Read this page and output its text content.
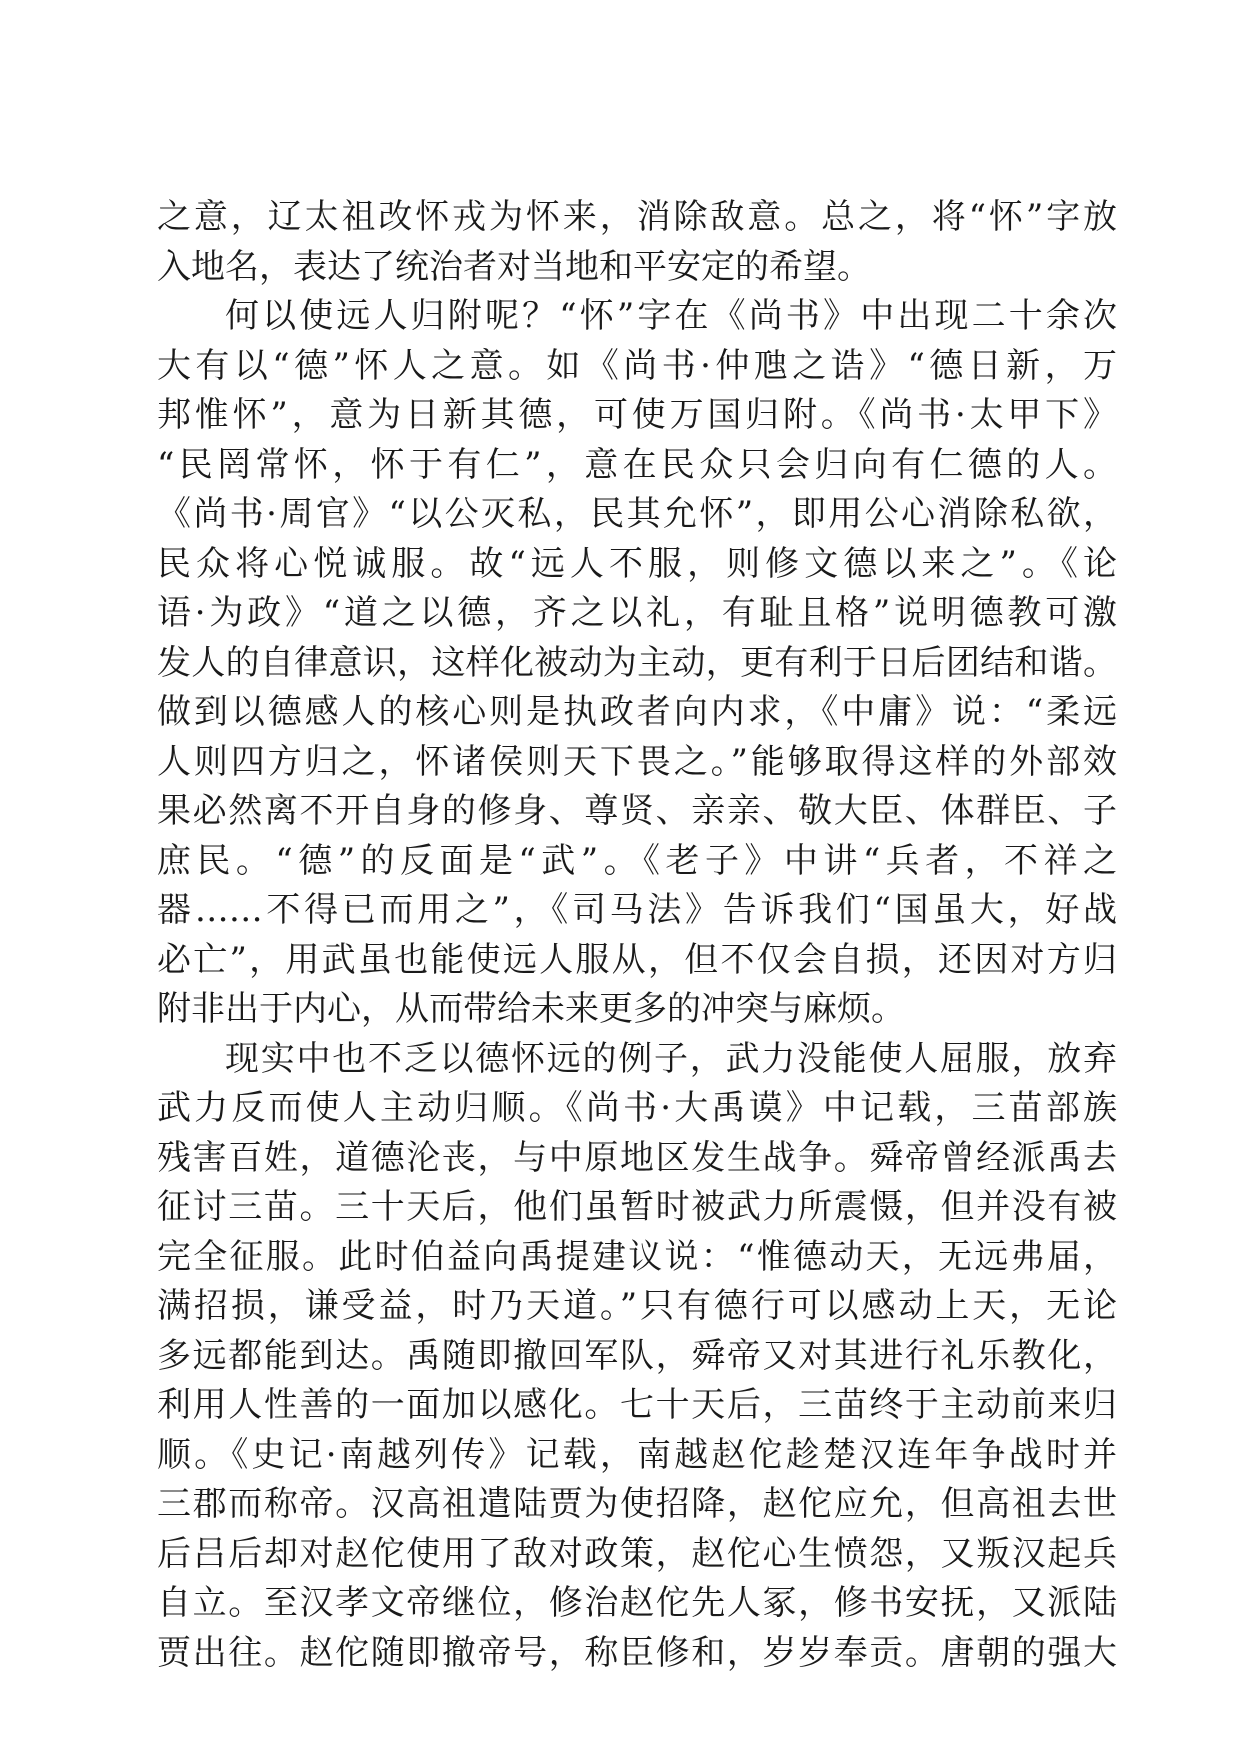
之意，辽太祖改怀戎为怀来，消除敌意。总之，将“怀”字放
入地名，表达了统治者对当地和平安定的希望。
何以使远人归附呢？“怀”字在《尚书》中出现二十余次
大有以“德”怀人之意。如《尚书·仲虺之诰》“德日新，万
邦惟怀”，意为日新其德，可使万国归附。《尚书·太甲下》
“民罔常怀，怀于有仁”，意在民众只会归向有仁德的人。
《尚书·周官》“以公灭私，民其允怀”，即用公心消除私欲，
民众将心悦诚服。故“远人不服，则修文德以来之”。《论
语·为政》“道之以德，齐之以礼，有耻且格”说明德教可激
发人的自律意识，这样化被动为主动，更有利于日后团结和谐。
做到以德感人的核心则是执政者向内求，《中庸》说：“柔远
人则四方归之，怀诸侯则天下畏之。”能够取得这样的外部效
果必然离不开自身的修身、尊贤、亲亲、敬大臣、体群臣、子
庶民。“德”的反面是“武”。《老子》中讲“兵者，不祥之
器……不得已而用之”，《司马法》告诉我们“国虽大，好战
必亡”，用武虽也能使远人服从，但不仅会自损，还因对方归
附非出于内心，从而带给未来更多的冲突与麻烦。
现实中也不乏以德怀远的例子，武力没能使人屈服，放弃
武力反而使人主动归顺。《尚书·大禹谟》中记载，三苗部族
残害百姓，道德沦丧，与中原地区发生战争。舜帝曾经派禹去
征讨三苗。三十天后，他们虽暂时被武力所震慑，但并没有被
完全征服。此时伯益向禹提建议说：“惟德动天，无远弗届，
满招损，谦受益，时乃天道。”只有德行可以感动上天，无论
多远都能到达。禹随即撤回军队，舜帝又对其进行礼乐教化，
利用人性善的一面加以感化。七十天后，三苗终于主动前来归
顺。《史记·南越列传》记载，南越赵佗趁楚汉连年争战时并
三郡而称帝。汉高祖遣陆贾为使招降，赵佗应允，但高祖去世
后吕后却对赵佗使用了敌对政策，赵佗心生愤怨，又叛汉起兵
自立。至汉孝文帝继位，修治赵佗先人冢，修书安抚，又派陆
贾出往。赵佗随即撤帝号，称臣修和，岁岁奉贡。唐朝的强大
